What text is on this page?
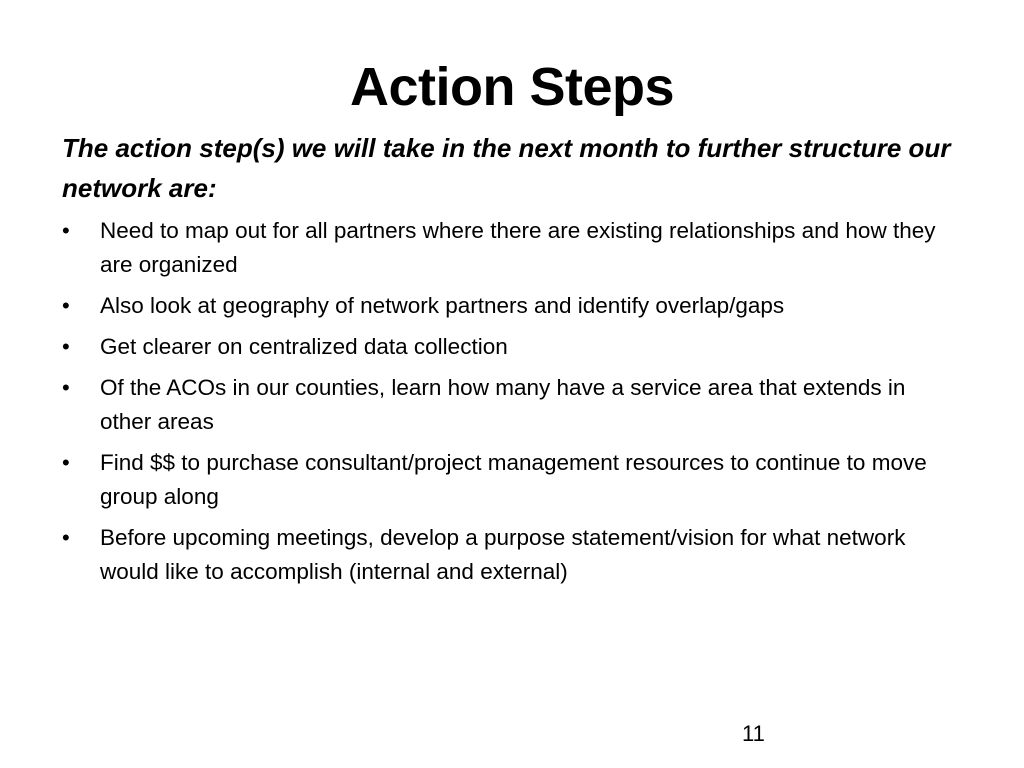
Action Steps
The action step(s) we will take in the next month to further structure our network are:
•	Need to map out for all partners where there are existing relationships and how they are organized
•	Also look at geography of network partners and identify overlap/gaps
•	Get clearer on centralized data collection
•	Of the ACOs in our counties, learn how many have a service area that extends in other areas
•	Find $$ to purchase consultant/project management resources to continue to move group along
•	Before upcoming meetings, develop a purpose statement/vision for what network would like to accomplish (internal and external)
11
